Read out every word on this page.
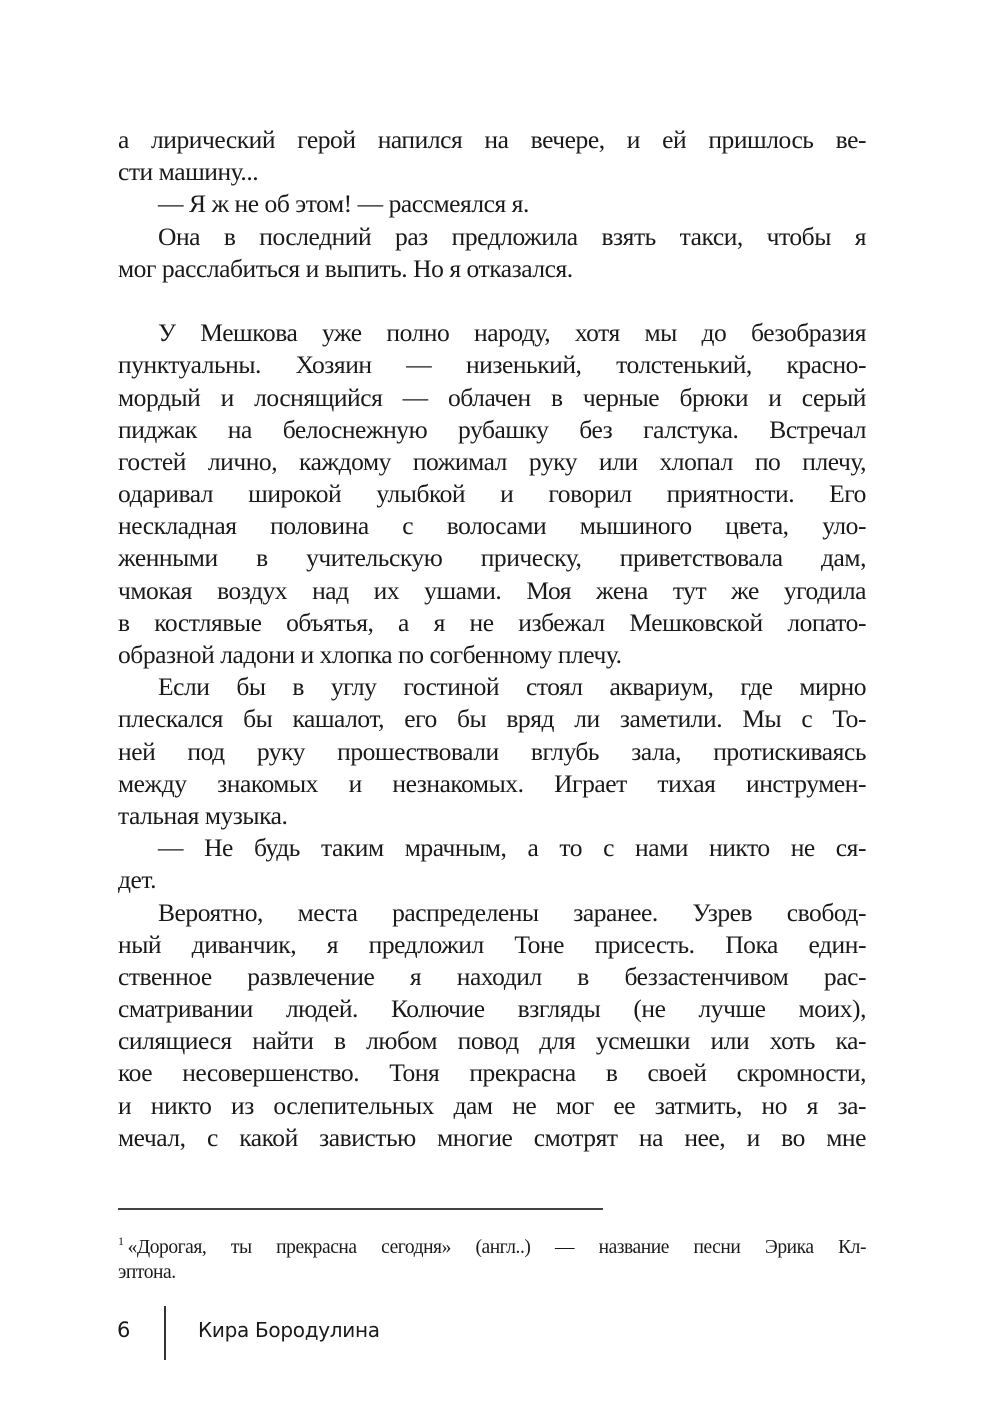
а лирический герой напился на вечере, и ей пришлось ве-
сти машину...
— Я ж не об этом! — рассмеялся я.
Она в последний раз предложила взять такси, чтобы я
мог расслабиться и выпить. Но я отказался.
У Мешкова уже полно народу, хотя мы до безобразия
пунктуальны. Хозяин — низенький, толстенький, красно-
мордый и лоснящийся — облачен в черные брюки и серый
пиджак на белоснежную рубашку без галстука. Встречал
гостей лично, каждому пожимал руку или хлопал по плечу,
одаривал широкой улыбкой и говорил приятности. Его
нескладная половина с волосами мышиного цвета, уло-
женными в учительскую прическу, приветствовала дам,
чмокая воздух над их ушами. Моя жена тут же угодила
в костлявые объятья, а я не избежал Мешковской лопато-
образной ладони и хлопка по согбенному плечу.
Если бы в углу гостиной стоял аквариум, где мирно
плескался бы кашалот, его бы вряд ли заметили. Мы с То-
ней под руку прошествовали вглубь зала, протискиваясь
между знакомых и незнакомых. Играет тихая инструмен-
тальная музыка.
— Не будь таким мрачным, а то с нами никто не ся-
дет.
Вероятно, места распределены заранее. Узрев свобод-
ный диванчик, я предложил Тоне присесть. Пока един-
ственное развлечение я находил в беззастенчивом рас-
сматривании людей. Колючие взгляды (не лучше моих),
силящиеся найти в любом повод для усмешки или хоть ка-
кое несовершенство. Тоня прекрасна в своей скромности,
и никто из ослепительных дам не мог ее затмить, но я за-
мечал, с какой завистью многие смотрят на нее, и во мне
$^1$ «Дорогая, ты прекрасна сегодня» (англ..) — название песни Эрика Кл-
эптона.
6	Кира Бородулина
